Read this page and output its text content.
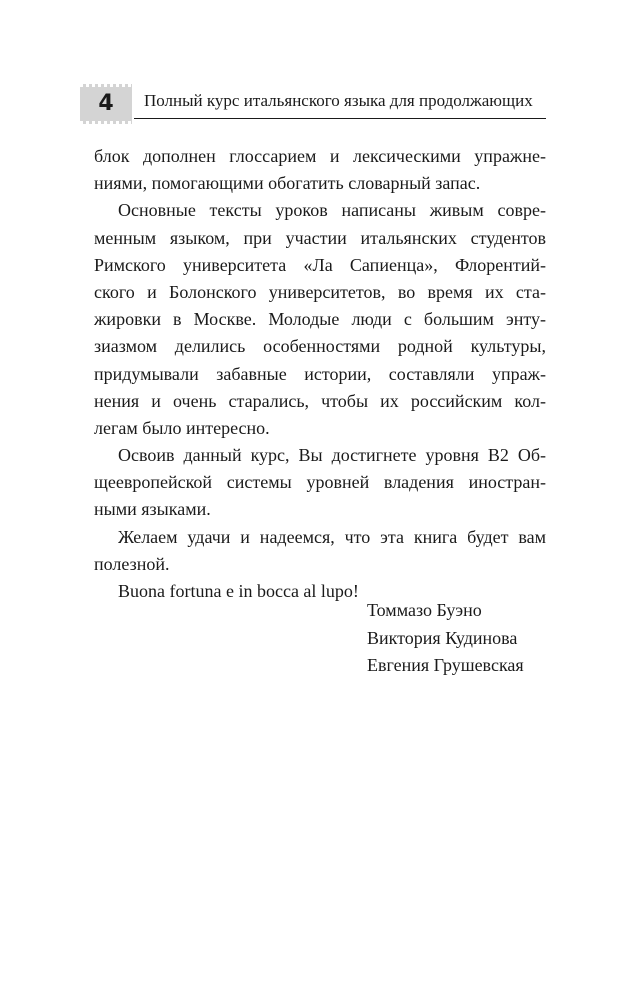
4	Полный курс итальянского языка для продолжающих
блок дополнен глоссарием и лексическими упражне-
ниями, помогающими обогатить словарный запас.
Основные тексты уроков написаны живым совре-
менным языком, при участии итальянских студентов
Римского университета «Ла Сапиенца», Флорентий-
ского и Болонского университетов, во время их ста-
жировки в Москве. Молодые люди с большим энту-
зиазмом делились особенностями родной культуры,
придумывали забавные истории, составляли упраж-
нения и очень старались, чтобы их российским кол-
легам было интересно.
Освоив данный курс, Вы достигнете уровня B2 Об-
щеевропейской системы уровней владения иностран-
ными языками.
Желаем удачи и надеемся, что эта книга будет вам
полезной.
Buona fortuna e in bocca al lupo!
Томмазо Буэно
Виктория Кудинова
Евгения Грушевская
